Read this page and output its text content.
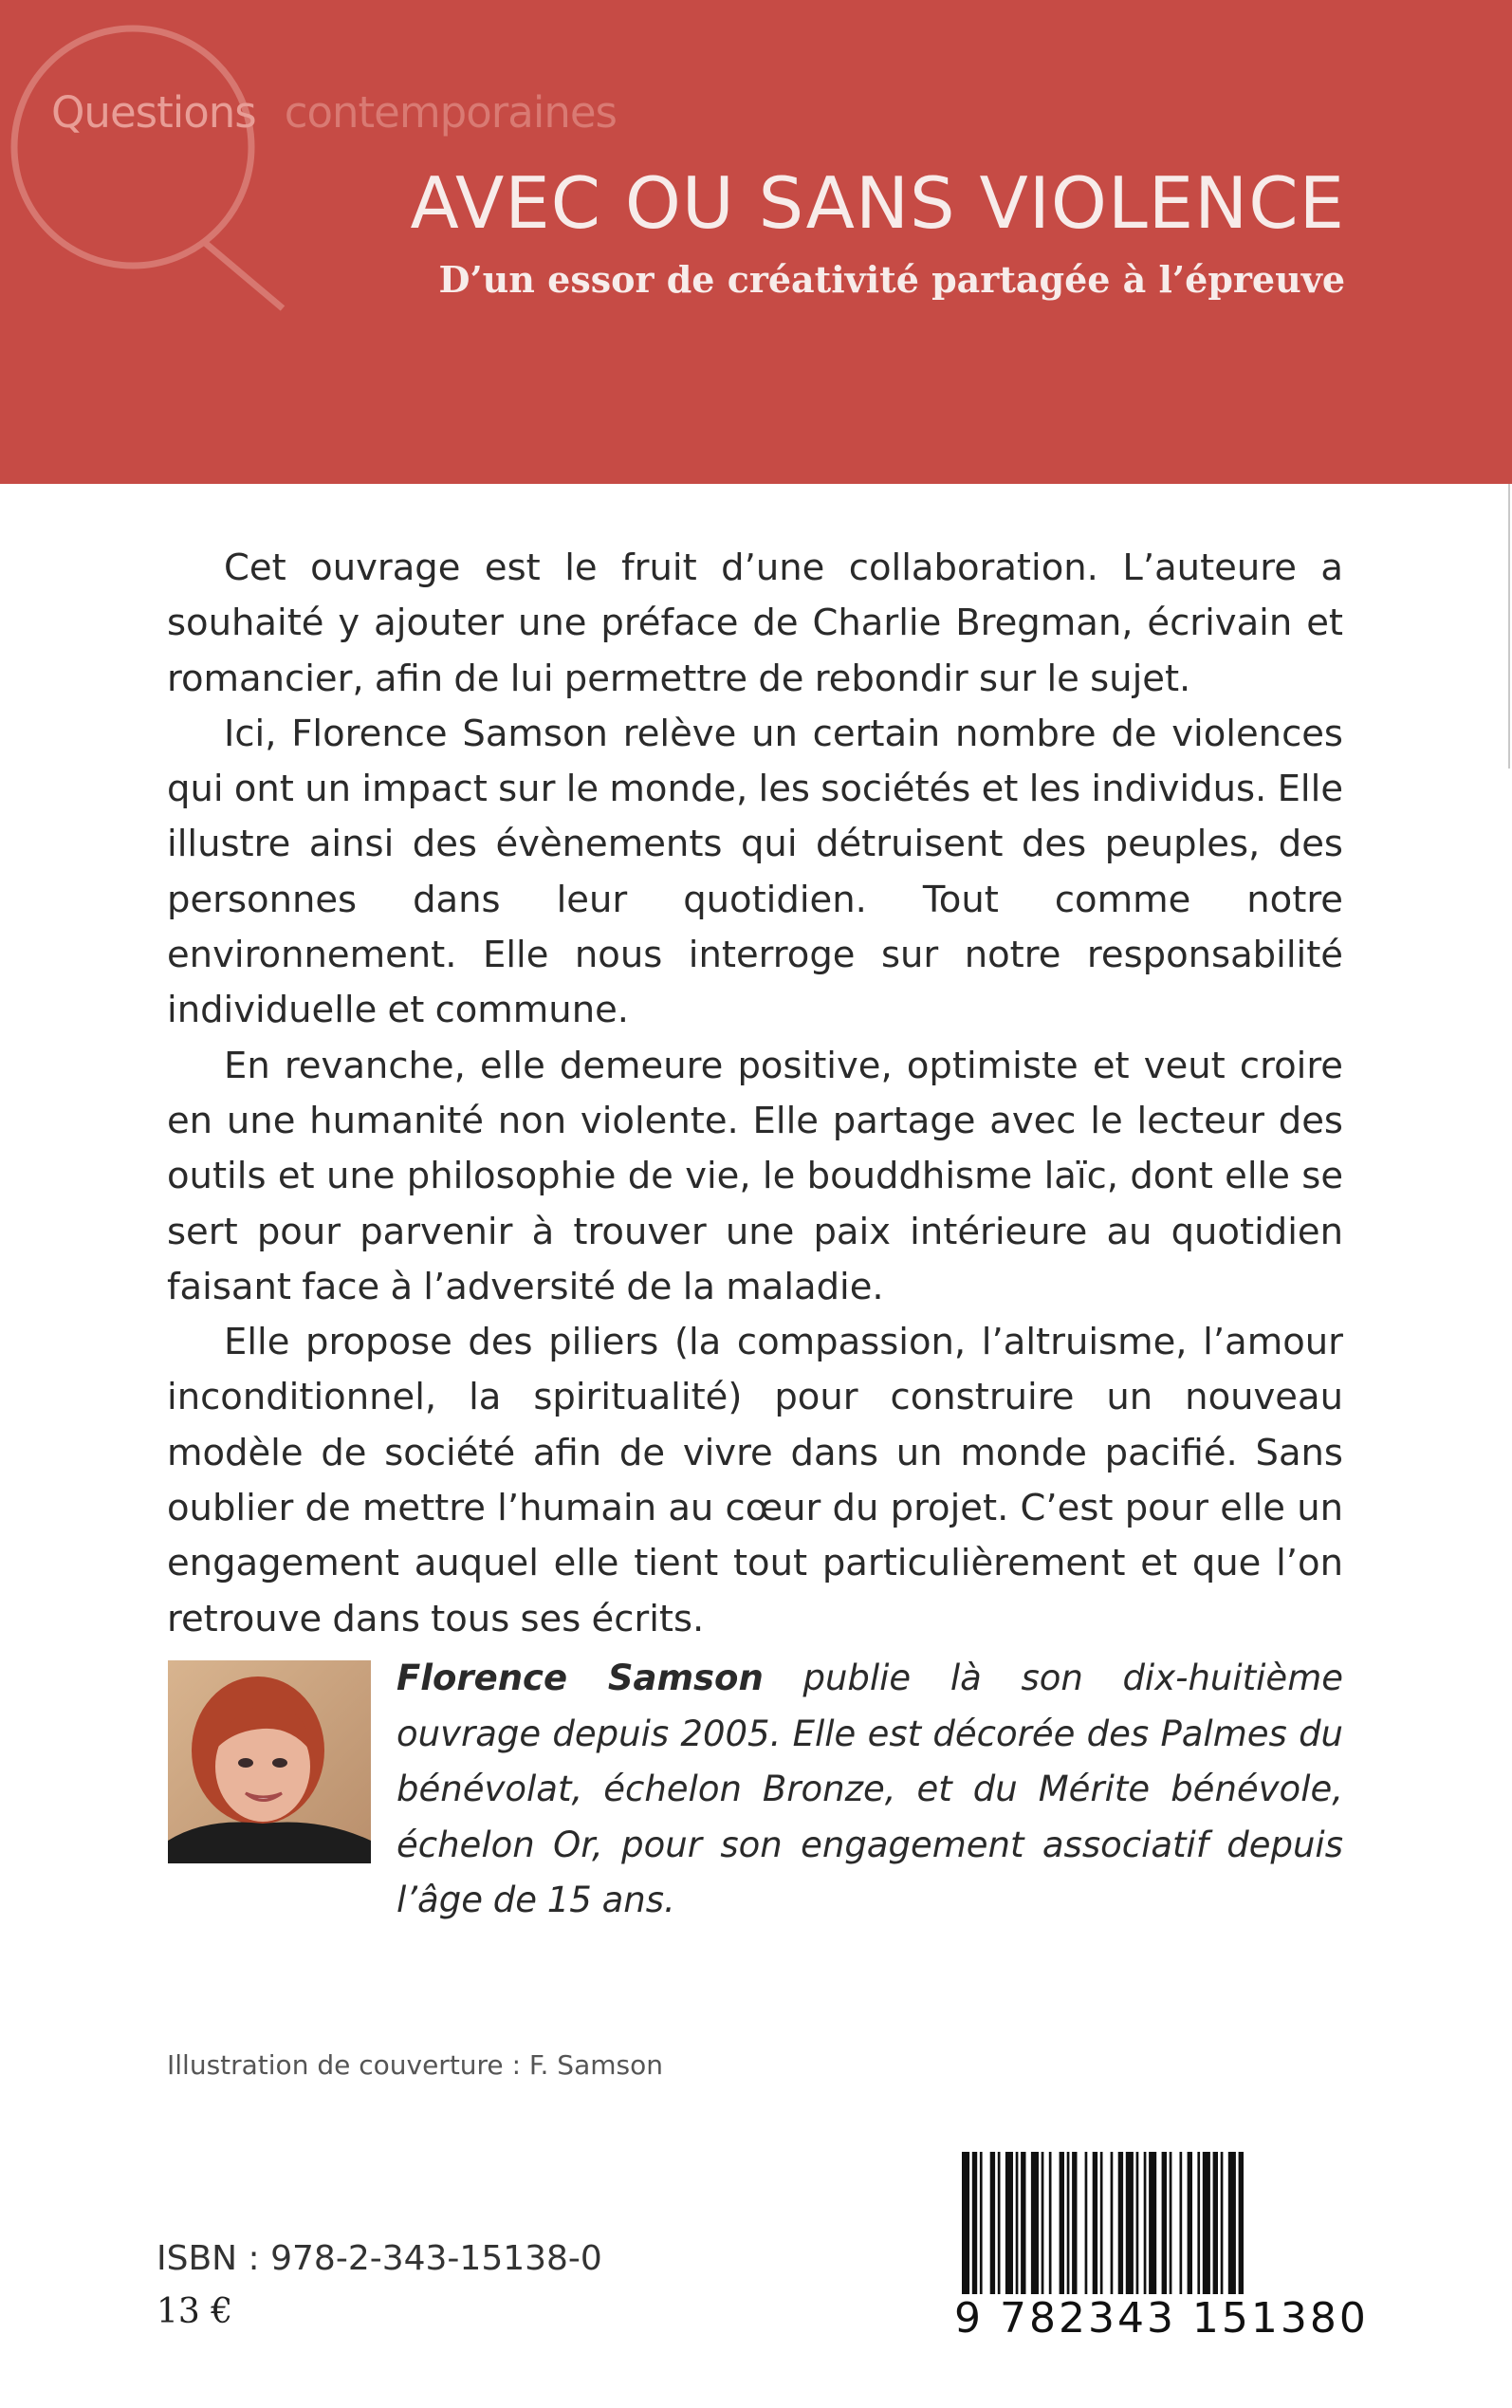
Questions contemporaines
AVEC OU SANS VIOLENCE
D’un essor de créativité partagée à l’épreuve

Cet ouvrage est le fruit d’une collaboration. L’auteure a souhaité y ajouter une préface de Charlie Bregman, écrivain et romancier, afin de lui permettre de rebondir sur le sujet.

Ici, Florence Samson relève un certain nombre de violences qui ont un impact sur le monde, les sociétés et les individus. Elle illustre ainsi des évènements qui détruisent des peuples, des personnes dans leur quotidien. Tout comme notre environnement. Elle nous interroge sur notre responsabilité individuelle et commune.

En revanche, elle demeure positive, optimiste et veut croire en une humanité non violente. Elle partage avec le lecteur des outils et une philosophie de vie, le bouddhisme laïc, dont elle se sert pour parvenir à trouver une paix intérieure au quotidien faisant face à l’adversité de la maladie.

Elle propose des piliers (la compassion, l’altruisme, l’amour inconditionnel, la spiritualité) pour construire un nouveau modèle de société afin de vivre dans un monde pacifié. Sans oublier de mettre l’humain au cœur du projet. C’est pour elle un engagement auquel elle tient tout particulièrement et que l’on retrouve dans tous ses écrits.

Florence Samson publie là son dix-huitième ouvrage depuis 2005. Elle est décorée des Palmes du bénévolat, échelon Bronze, et du Mérite bénévole, échelon Or, pour son engagement associatif depuis l’âge de 15 ans.
Illustration de couverture : F. Samson
ISBN : 978-2-343-15138-0
13 €	9 782343 151380
